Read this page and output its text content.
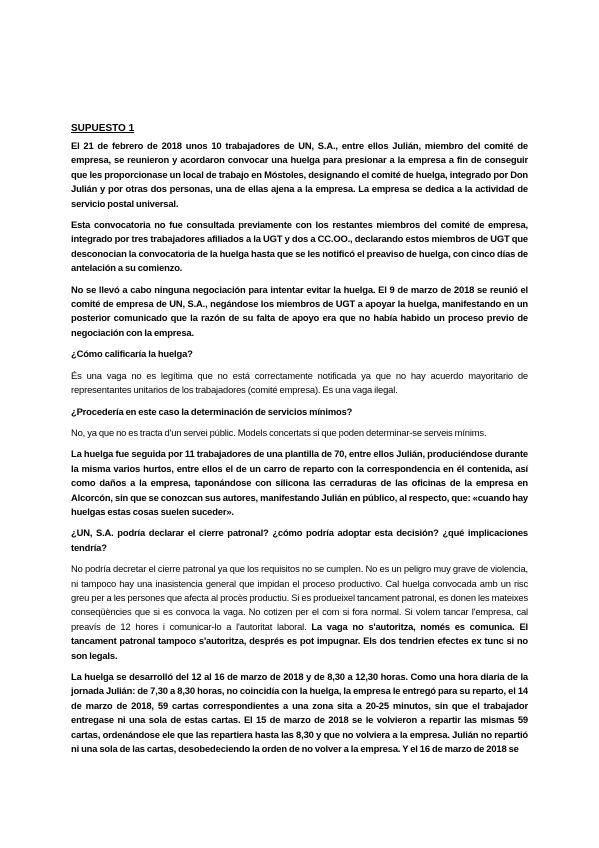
SUPUESTO 1

El 21 de febrero de 2018 unos 10 trabajadores de UN, S.A., entre ellos Julián, miembro del comité de empresa, se reunieron y acordaron convocar una huelga para presionar a la empresa a fin de conseguir que les proporcionase un local de trabajo en Móstoles, designando el comité de huelga, integrado por Don Julián y por otras dos personas, una de ellas ajena a la empresa. La empresa se dedica a la actividad de servicio postal universal.

Esta convocatoria no fue consultada previamente con los restantes miembros del comité de empresa, integrado por tres trabajadores afiliados a la UGT y dos a CC.OO., declarando estos miembros de UGT que desconocian la convocatoria de la huelga hasta que se les notificó el preaviso de huelga, con cinco días de antelación a su comienzo.

No se llevó a cabo ninguna negociación para intentar evitar la huelga. El 9 de marzo de 2018 se reunió el comité de empresa de UN, S.A., negándose los miembros de UGT a apoyar la huelga, manifestando en un posterior comunicado que la razón de su falta de apoyo era que no había habido un proceso previo de negociación con la empresa.

¿Cómo calificaría la huelga?

És una vaga no es legítima que no está correctamente notificada ya que no hay acuerdo mayoritario de representantes unitarios de los trabajadores (comité empresa). Es una vaga ilegal.

¿Procedería en este caso la determinación de servicios mínimos?

No, ya que no es tracta d'un servei públic. Models concertats si que poden determinar-se serveis mínims.

La huelga fue seguida por 11 trabajadores de una plantilla de 70, entre ellos Julián, produciéndose durante la misma varios hurtos, entre ellos el de un carro de reparto con la correspondencia en él contenida, así como daños a la empresa, taponándose con silicona las cerraduras de las oficinas de la empresa en Alcorcón, sin que se conozcan sus autores, manifestando Julián en público, al respecto, que: «cuando hay huelgas estas cosas suelen suceder».

¿UN, S.A. podría declarar el cierre patronal? ¿cómo podría adoptar esta decisión? ¿qué implicaciones tendría?

No podría decretar el cierre patronal ya que los requisitos no se cumplen. No es un peligro muy grave de violencia, ni tampoco hay una inasistencia general que impidan el proceso productivo. Cal huelga convocada amb un risc greu per a les persones que afecta al procès productiu. Si es produeixel tancament patronal, es donen les mateixes conseqüències que si es convoca la vaga. No cotizen per el com si fora normal. Si volem tancar l'empresa, cal preavís de 12 hores i comunicar-lo a l'autoritat laboral. La vaga no s'autoritza, només es comunica. El tancament patronal tampoco s'autoritza, després es pot impugnar. Els dos tendrien efectes ex tunc si no son legals.

La huelga se desarrolló del 12 al 16 de marzo de 2018 y de 8,30 a 12,30 horas. Como una hora diaria de la jornada Julián: de 7,30 a 8,30 horas, no coincidía con la huelga, la empresa le entregó para su reparto, el 14 de marzo de 2018, 59 cartas correspondientes a una zona sita a 20-25 minutos, sin que el trabajador entregase ni una sola de estas cartas. El 15 de marzo de 2018 se le volvieron a repartir las mismas 59 cartas, ordenándose ele que las repartiera hasta las 8,30 y que no volviera a la empresa. Julián no repartió ni una sola de las cartas, desobedeciendo la orden de no volver a la empresa. Y el 16 de marzo de 2018 se
